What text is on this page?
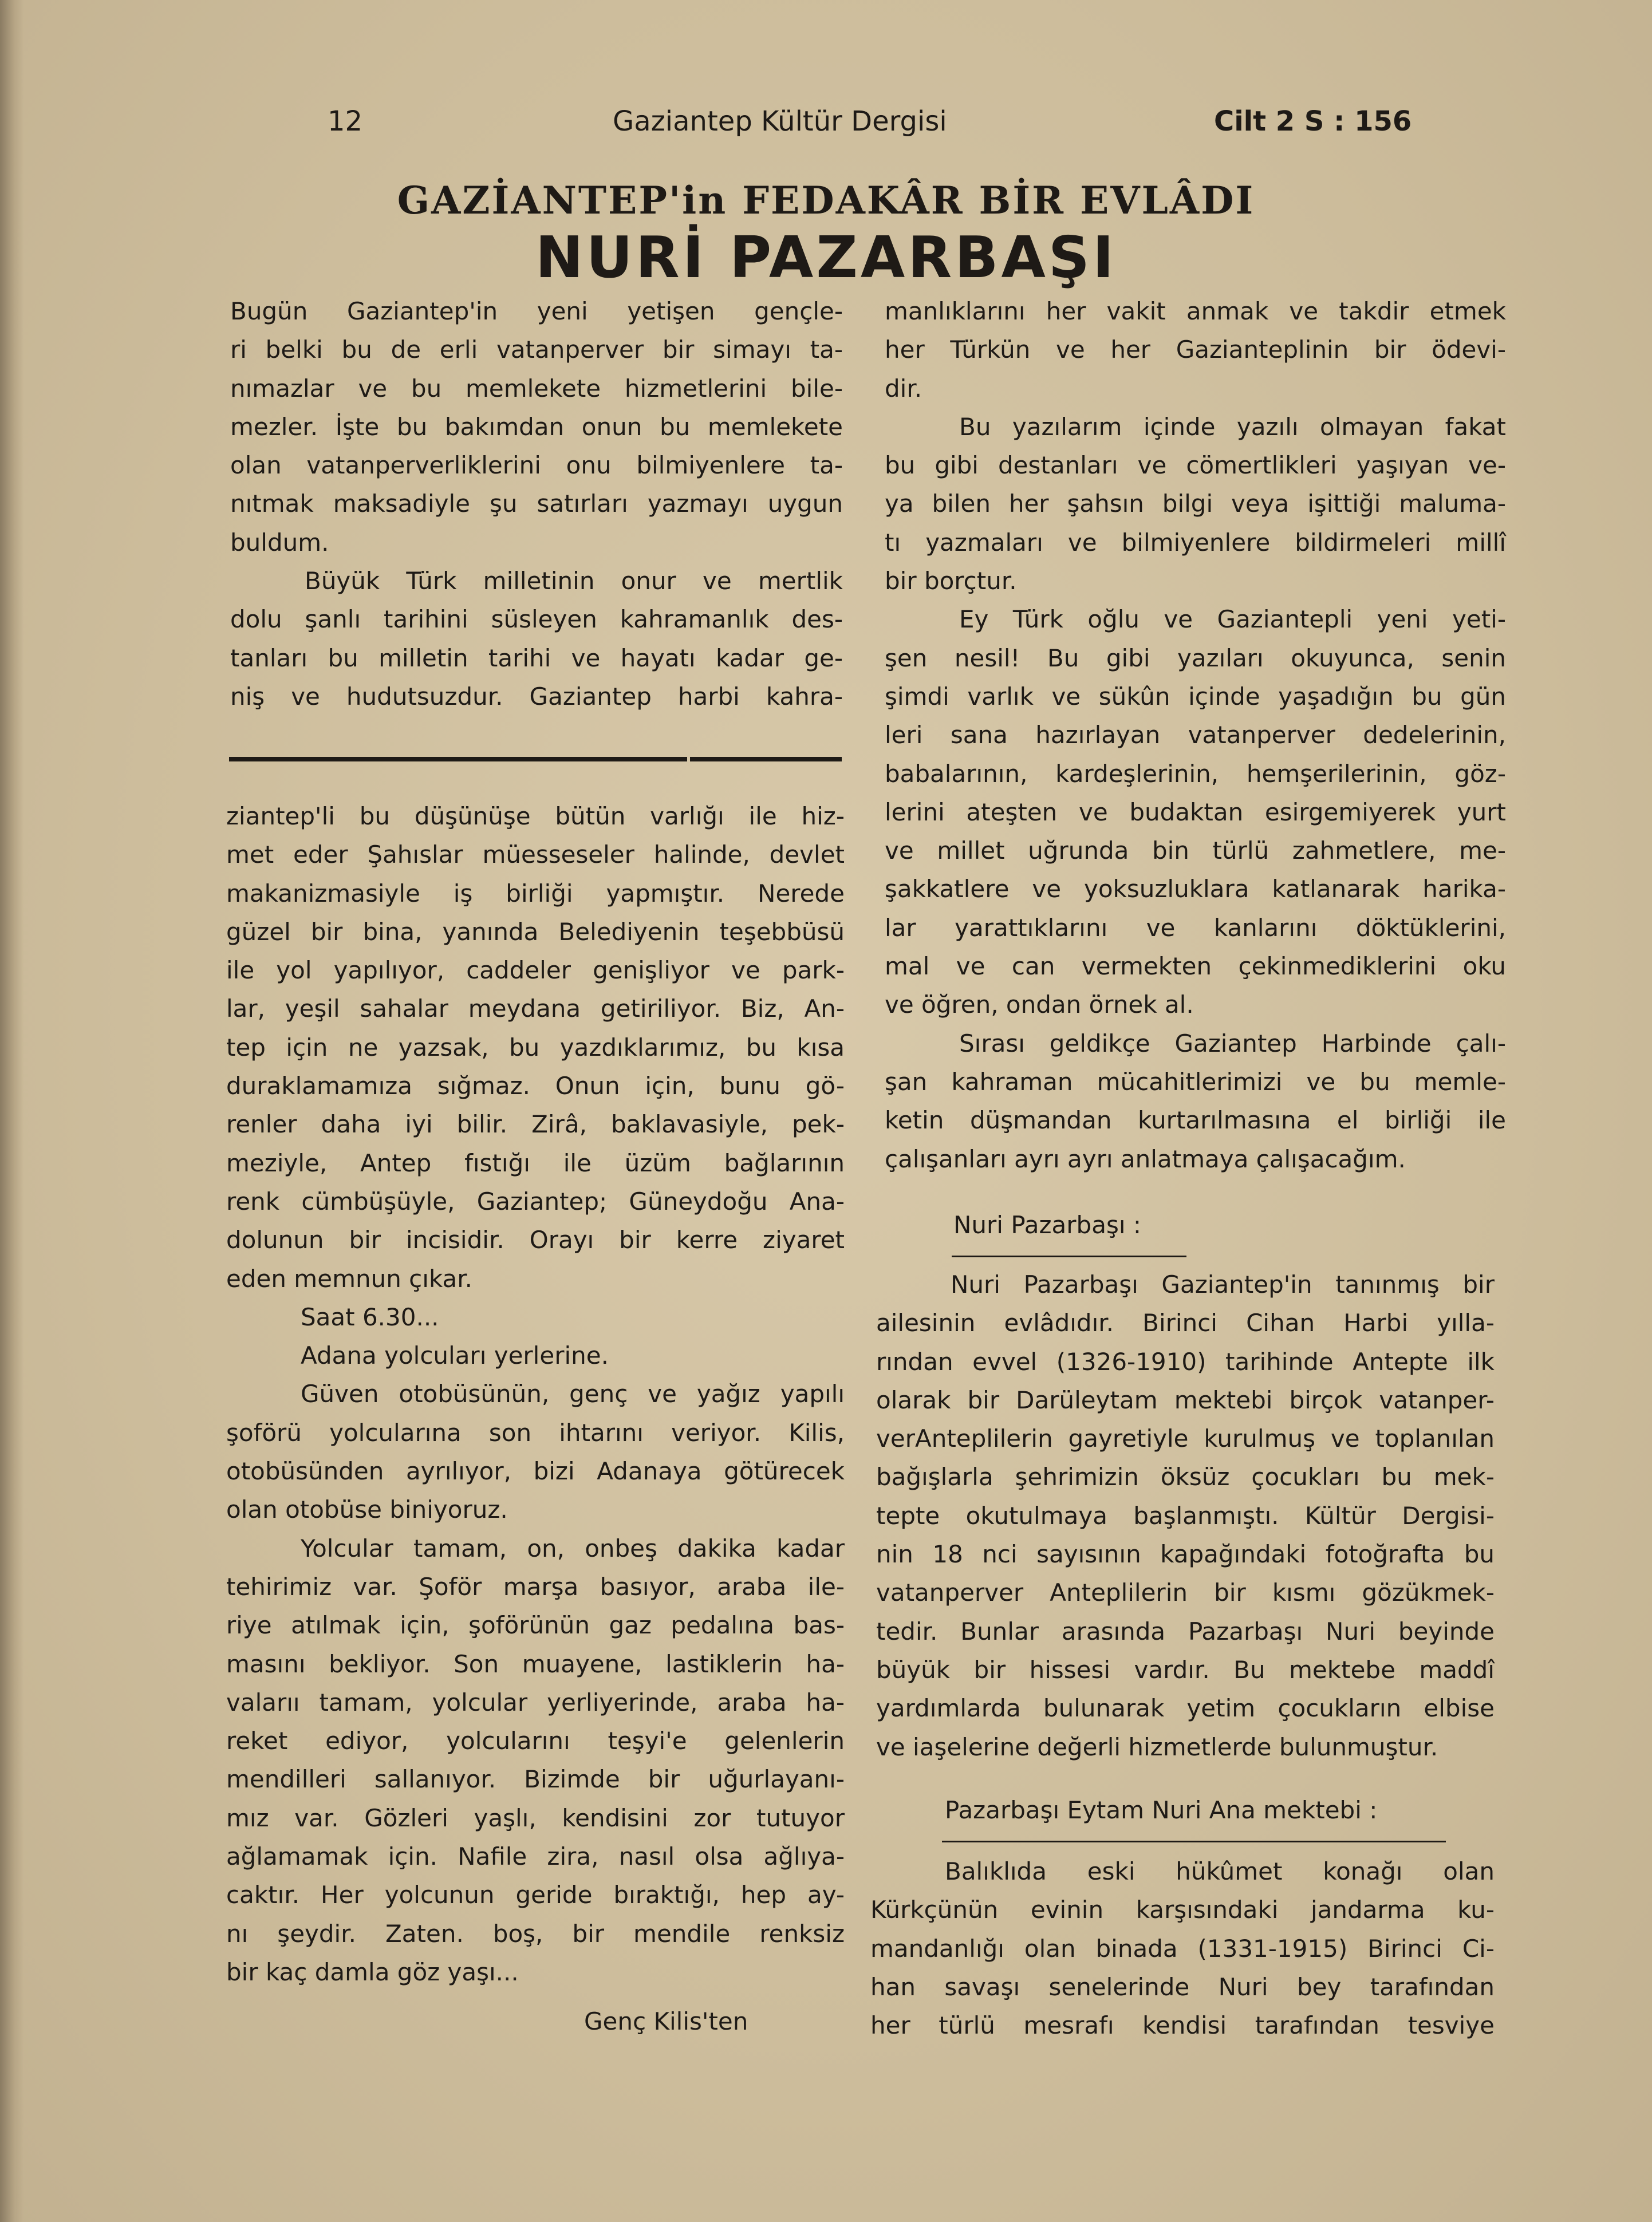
12	Gaziantep Kültür Dergisi	Cilt 2 S : 156
GAZİANTEP'in FEDAKÂR BİR EVLÂDI
NURİ PAZARBAŞI
Bugün Gaziantep'in yeni yetişen gençle-
ri belki bu de erli vatanperver bir simayı ta-
nımazlar ve bu memlekete hizmetlerini bile-
mezler. İşte bu bakımdan onun bu memlekete
olan vatanperverliklerini onu bilmiyenlere ta-
nıtmak maksadiyle şu satırları yazmayı uygun
buldum.
Büyük Türk milletinin onur ve mertlik
dolu şanlı tarihini süsleyen kahramanlık des-
tanları bu milletin tarihi ve hayatı kadar ge-
niş ve hudutsuzdur. Gaziantep harbi kahra-
ziantep'li bu düşünüşe bütün varlığı ile hiz-
met eder Şahıslar müesseseler halinde, devlet
makanizmasiyle iş birliği yapmıştır. Nerede
güzel bir bina, yanında Belediyenin teşebbüsü
ile yol yapılıyor, caddeler genişliyor ve park-
lar, yeşil sahalar meydana getiriliyor. Biz, An-
tep için ne yazsak, bu yazdıklarımız, bu kısa
duraklamamıza sığmaz. Onun için, bunu gö-
renler daha iyi bilir. Zirâ, baklavasiyle, pek-
meziyle, Antep fıstığı ile üzüm bağlarının
renk cümbüşüyle, Gaziantep; Güneydoğu Ana-
dolunun bir incisidir. Orayı bir kerre ziyaret
eden memnun çıkar.
Saat 6.30...
Adana yolcuları yerlerine.
Güven otobüsünün, genç ve yağız yapılı
şoförü yolcularına son ihtarını veriyor. Kilis,
otobüsünden ayrılıyor, bizi Adanaya götürecek
olan otobüse biniyoruz.
Yolcular tamam, on, onbeş dakika kadar
tehirimiz var. Şoför marşa basıyor, araba ile-
riye atılmak için, şoförünün gaz pedalına bas-
masını bekliyor. Son muayene, lastiklerin ha-
valarıı tamam, yolcular yerliyerinde, araba ha-
reket ediyor, yolcularını teşyi'e gelenlerin
mendilleri sallanıyor. Bizimde bir uğurlayanı-
mız var. Gözleri yaşlı, kendisini zor tutuyor
ağlamamak için. Nafile zira, nasıl olsa ağlıya-
caktır. Her yolcunun geride bıraktığı, hep ay-
nı şeydir. Zaten. boş, bir mendile renksiz
bir kaç damla göz yaşı...
Genç Kilis'ten
manlıklarını her vakit anmak ve takdir etmek
her Türkün ve her Gazianteplinin bir ödevi-
dir.
Bu yazılarım içinde yazılı olmayan fakat
bu gibi destanları ve cömertlikleri yaşıyan ve-
ya bilen her şahsın bilgi veya işittiği maluma-
tı yazmaları ve bilmiyenlere bildirmeleri millî
bir borçtur.
Ey Türk oğlu ve Gaziantepli yeni yeti-
şen nesil! Bu gibi yazıları okuyunca, senin
şimdi varlık ve sükûn içinde yaşadığın bu gün
leri sana hazırlayan vatanperver dedelerinin,
babalarının, kardeşlerinin, hemşerilerinin, göz-
lerini ateşten ve budaktan esirgemiyerek yurt
ve millet uğrunda bin türlü zahmetlere, me-
şakkatlere ve yoksuzluklara katlanarak harika-
lar yarattıklarını ve kanlarını döktüklerini,
mal ve can vermekten çekinmediklerini oku
ve öğren, ondan örnek al.
Sırası geldikçe Gaziantep Harbinde çalı-
şan kahraman mücahitlerimizi ve bu memle-
ketin düşmandan kurtarılmasına el birliği ile
çalışanları ayrı ayrı anlatmaya çalışacağım.
Nuri Pazarbaşı :
Nuri Pazarbaşı Gaziantep'in tanınmış bir
ailesinin evlâdıdır. Birinci Cihan Harbi yılla-
rından evvel (1326-1910) tarihinde Antepte ilk
olarak bir Darüleytam mektebi birçok vatanper-
verAnteplilerin gayretiyle kurulmuş ve toplanılan
bağışlarla şehrimizin öksüz çocukları bu mek-
tepte okutulmaya başlanmıştı. Kültür Dergisi-
nin 18 nci sayısının kapağındaki fotoğrafta bu
vatanperver Anteplilerin bir kısmı gözükmek-
tedir. Bunlar arasında Pazarbaşı Nuri beyinde
büyük bir hissesi vardır. Bu mektebe maddî
yardımlarda bulunarak yetim çocukların elbise
ve iaşelerine değerli hizmetlerde bulunmuştur.
Pazarbaşı Eytam Nuri Ana mektebi :
Balıklıda eski hükûmet konağı olan
Kürkçünün evinin karşısındaki jandarma ku-
mandanlığı olan binada (1331-1915) Birinci Ci-
han savaşı senelerinde Nuri bey tarafından
her türlü mesrafı kendisi tarafından tesviye
